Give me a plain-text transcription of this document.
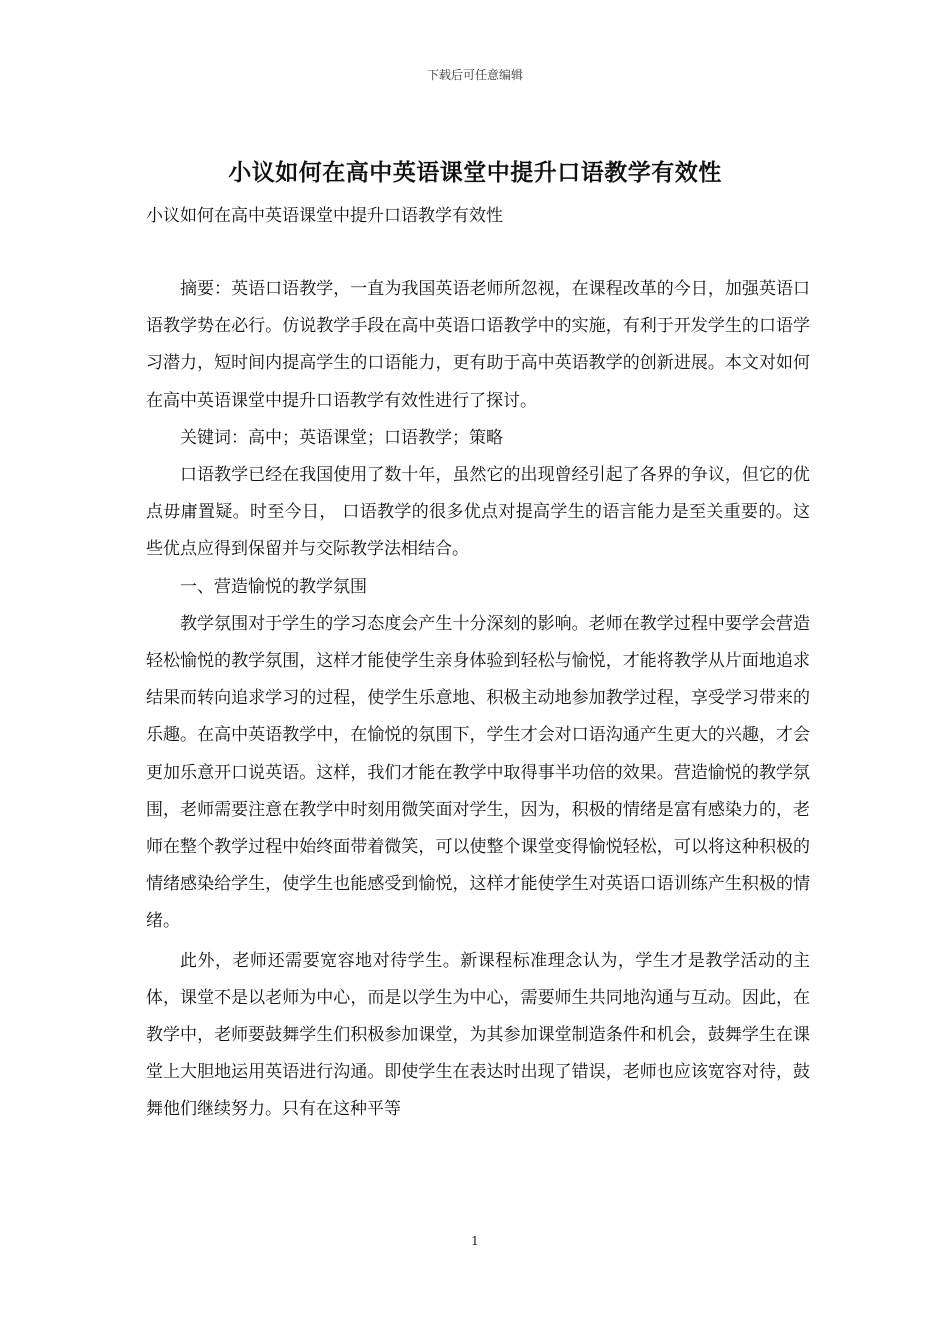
下载后可任意编辑
小议如何在高中英语课堂中提升口语教学有效性
小议如何在高中英语课堂中提升口语教学有效性

摘要：英语口语教学，一直为我国英语老师所忽视，在课程改革的今日，加强英语口语教学势在必行。仿说教学手段在高中英语口语教学中的实施，有利于开发学生的口语学习潜力，短时间内提高学生的口语能力，更有助于高中英语教学的创新进展。本文对如何在高中英语课堂中提升口语教学有效性进行了探讨。

关键词：高中；英语课堂；口语教学；策略

口语教学已经在我国使用了数十年，虽然它的出现曾经引起了各界的争议，但它的优点毋庸置疑。时至今日， 口语教学的很多优点对提高学生的语言能力是至关重要的。这些优点应得到保留并与交际教学法相结合。

一、营造愉悦的教学氛围

教学氛围对于学生的学习态度会产生十分深刻的影响。老师在教学过程中要学会营造轻松愉悦的教学氛围，这样才能使学生亲身体验到轻松与愉悦，才能将教学从片面地追求结果而转向追求学习的过程，使学生乐意地、积极主动地参加教学过程，享受学习带来的乐趣。在高中英语教学中，在愉悦的氛围下，学生才会对口语沟通产生更大的兴趣，才会更加乐意开口说英语。这样，我们才能在教学中取得事半功倍的效果。营造愉悦的教学氛围，老师需要注意在教学中时刻用微笑面对学生，因为，积极的情绪是富有感染力的，老师在整个教学过程中始终面带着微笑，可以使整个课堂变得愉悦轻松，可以将这种积极的情绪感染给学生，使学生也能感受到愉悦，这样才能使学生对英语口语训练产生积极的情绪。

此外，老师还需要宽容地对待学生。新课程标准理念认为，学生才是教学活动的主体，课堂不是以老师为中心，而是以学生为中心，需要师生共同地沟通与互动。因此，在教学中，老师要鼓舞学生们积极参加课堂，为其参加课堂制造条件和机会，鼓舞学生在课堂上大胆地运用英语进行沟通。即使学生在表达时出现了错误，老师也应该宽容对待，鼓舞他们继续努力。只有在这种平等

1
